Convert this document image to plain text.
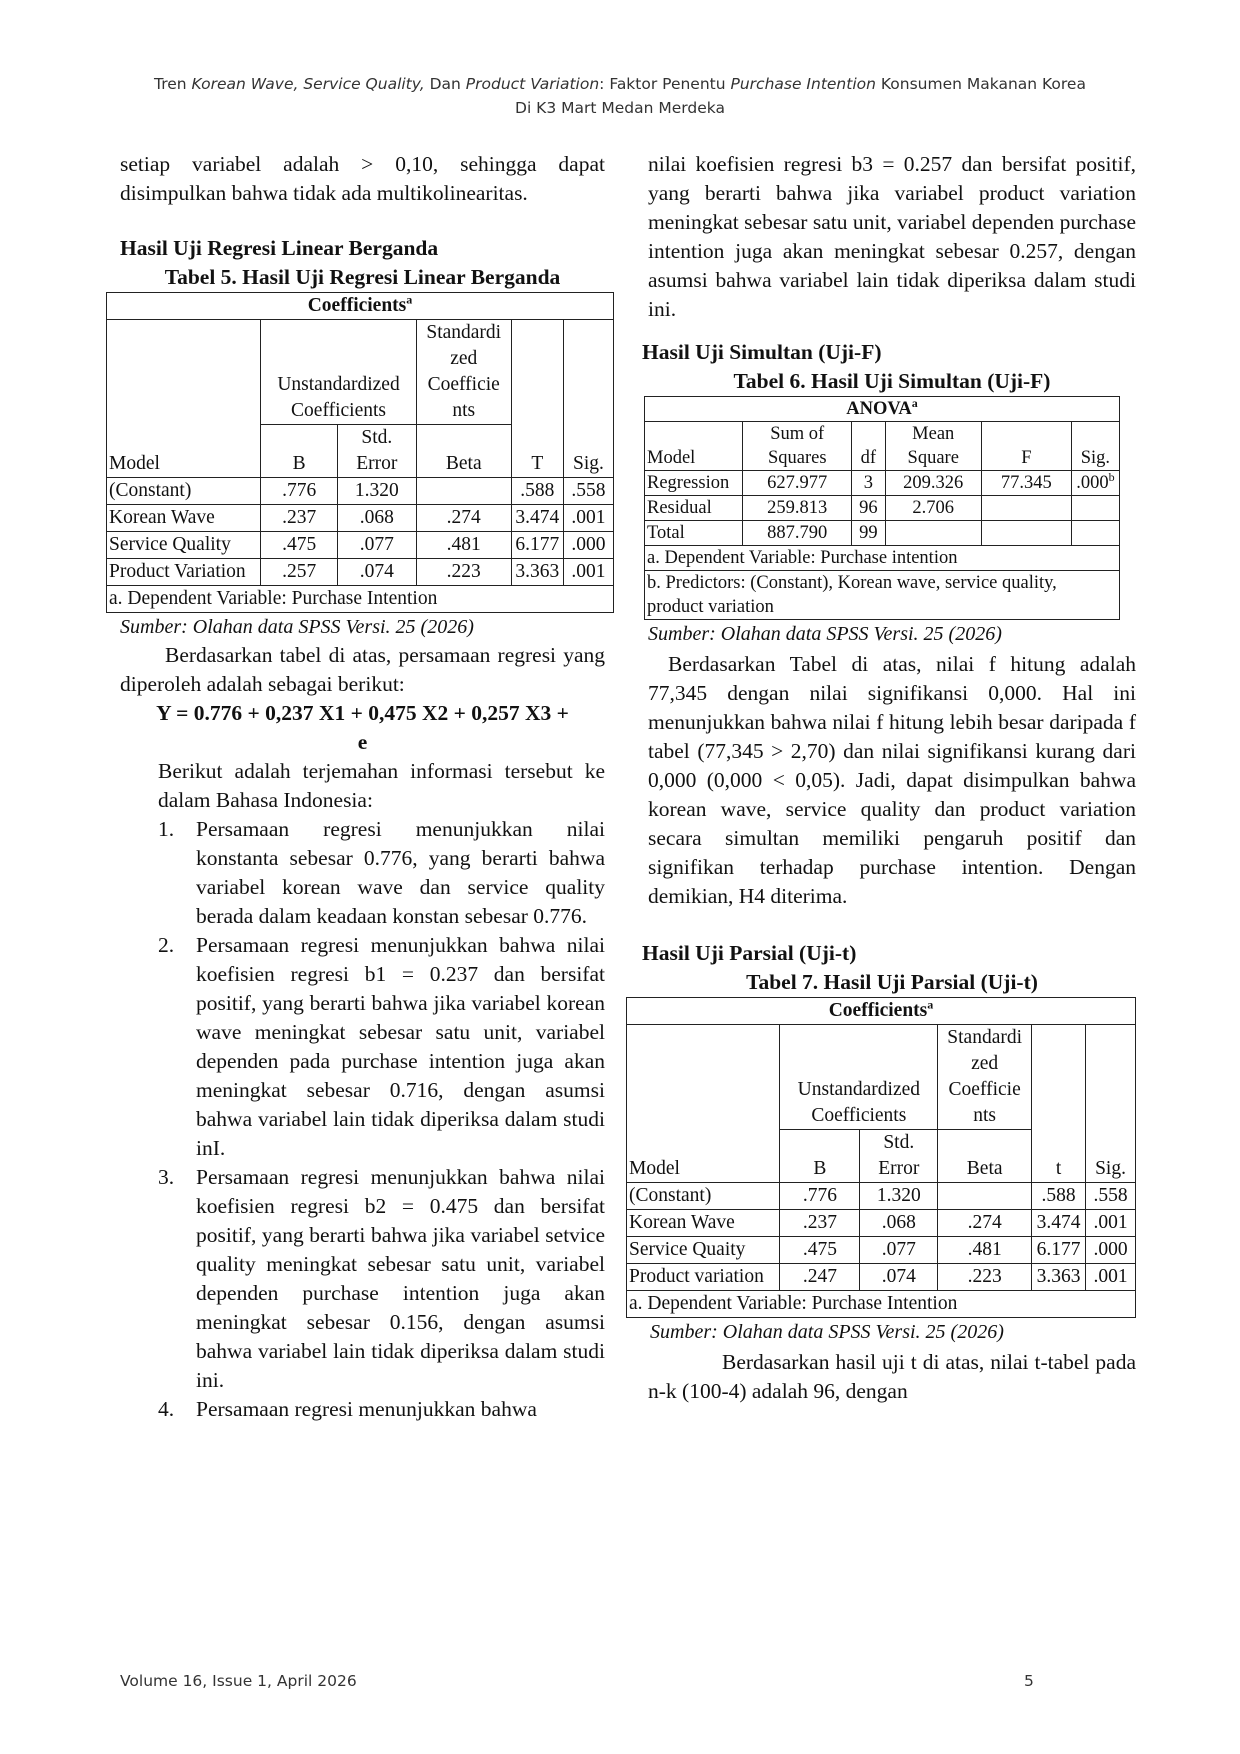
Tren Korean Wave, Service Quality, Dan Product Variation: Faktor Penentu Purchase Intention Konsumen Makanan Korea
Di K3 Mart Medan Merdeka

setiap variabel adalah > 0,10, sehingga dapat disimpulkan bahwa tidak ada multikolinearitas.

Hasil Uji Regresi Linear Berganda

Tabel 5. Hasil Uji Regresi Linear Berganda

Coefficients$^a$
Model	Unstandardized Coefficients		Standardi zed Coefficie nts	T	Sig.
	B	Std. Error	Beta		
(Constant)	.776	1.320		.588	.558
Korean Wave	.237	.068	.274	3.474	.001
Service Quality	.475	.077	.481	6.177	.000
Product Variation	.257	.074	.223	3.363	.001
a. Dependent Variable: Purchase Intention					

Sumber: Olahan data SPSS Versi. 25 (2026)

Berdasarkan tabel di atas, persamaan regresi yang diperoleh adalah sebagai berikut:

Y = 0.776 + 0,237 X1 + 0,475 X2 + 0,257 X3 +
e

Berikut adalah terjemahan informasi tersebut ke dalam Bahasa Indonesia:

1. Persamaan regresi menunjukkan nilai konstanta sebesar 0.776, yang berarti bahwa variabel korean wave dan service quality berada dalam keadaan konstan sebesar 0.776.
2. Persamaan regresi menunjukkan bahwa nilai koefisien regresi b1 = 0.237 dan bersifat positif, yang berarti bahwa jika variabel korean wave meningkat sebesar satu unit, variabel dependen pada purchase intention juga akan meningkat sebesar 0.716, dengan asumsi bahwa variabel lain tidak diperiksa dalam studi inI.
3. Persamaan regresi menunjukkan bahwa nilai koefisien regresi b2 = 0.475 dan bersifat positif, yang berarti bahwa jika variabel setvice quality meningkat sebesar satu unit, variabel dependen purchase intention juga akan meningkat sebesar 0.156, dengan asumsi bahwa variabel lain tidak diperiksa dalam studi ini.
4. Persamaan regresi menunjukkan bahwa

nilai koefisien regresi b3 = 0.257 dan bersifat positif, yang berarti bahwa jika variabel product variation meningkat sebesar satu unit, variabel dependen purchase intention juga akan meningkat sebesar 0.257, dengan asumsi bahwa variabel lain tidak diperiksa dalam studi ini.

Hasil Uji Simultan (Uji-F)

Tabel 6. Hasil Uji Simultan (Uji-F)

ANOVA$^a$
Model	Sum of Squares	df	Mean Square	F	Sig.
Regression	627.977	3	209.326	77.345	.000$^b$
Residual	259.813	96	2.706		
Total	887.790	99			
a. Dependent Variable: Purchase intention					
b. Predictors: (Constant), Korean wave, service quality, product variation					

Sumber: Olahan data SPSS Versi. 25 (2026)

Berdasarkan Tabel di atas, nilai f hitung adalah 77,345 dengan nilai signifikansi 0,000. Hal ini menunjukkan bahwa nilai f hitung lebih besar daripada f tabel (77,345 > 2,70) dan nilai signifikansi kurang dari 0,000 (0,000 < 0,05). Jadi, dapat disimpulkan bahwa korean wave, service quality dan product variation secara simultan memiliki pengaruh positif dan signifikan terhadap purchase intention. Dengan demikian, H4 diterima.

Hasil Uji Parsial (Uji-t)

Tabel 7. Hasil Uji Parsial (Uji-t)

Coefficients$^a$
Model	Unstandardized Coefficients		Standardi zed Coefficie nts	t	Sig.
	B	Std. Error	Beta		
(Constant)	.776	1.320		.588	.558
Korean Wave	.237	.068	.274	3.474	.001
Service Quaity	.475	.077	.481	6.177	.000
Product variation	.247	.074	.223	3.363	.001
a. Dependent Variable: Purchase Intention					

Sumber: Olahan data SPSS Versi. 25 (2026)

Berdasarkan hasil uji t di atas, nilai t-tabel pada n-k (100-4) adalah 96, dengan

Volume 16, Issue 1, April 2026	5
